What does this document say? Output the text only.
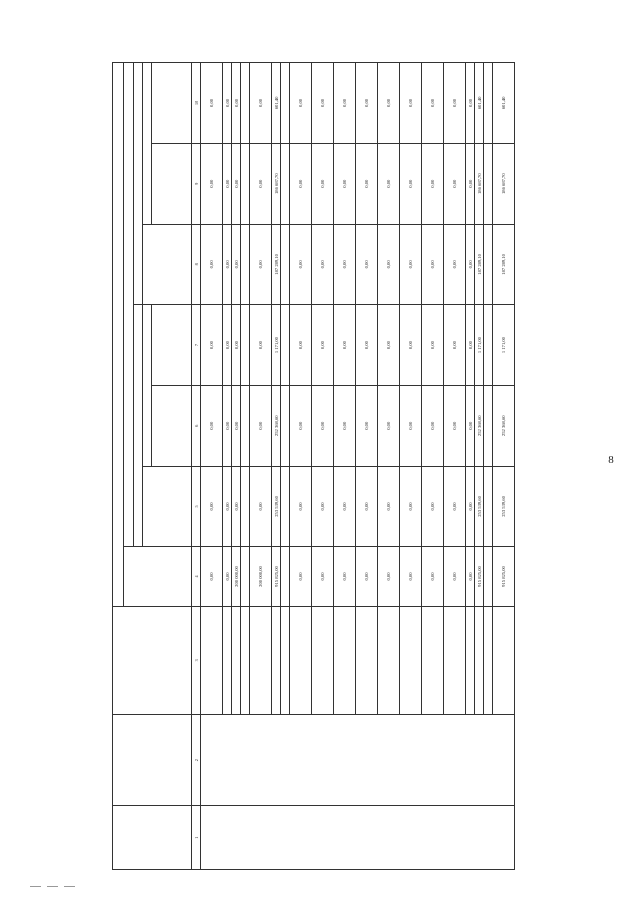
8

1	2	3	4	5	6	7	8	9	10
			0,00	0,00	0,00	0,00	0,00	0,00	0,00
			0,00	0,00	0,00	0,00	0,00	0,00	0,00
			200 000,00	0,00	0,00	0,00	0,00	0,00	0,00

			200 000,00	0,00	0,00	0,00	0,00	0,00	0,00
			915 825,00	253 539,60	252 368,60	1 171,00	187 289,10	186 687,70	601,40

			0,00	0,00	0,00	0,00	0,00	0,00	0,00
			0,00	0,00	0,00	0,00	0,00	0,00	0,00
			0,00	0,00	0,00	0,00	0,00	0,00	0,00
			0,00	0,00	0,00	0,00	0,00	0,00	0,00
			0,00	0,00	0,00	0,00	0,00	0,00	0,00
			0,00	0,00	0,00	0,00	0,00	0,00	0,00
			0,00	0,00	0,00	0,00	0,00	0,00	0,00
			0,00	0,00	0,00	0,00	0,00	0,00	0,00
			0,00	0,00	0,00	0,00	0,00	0,00	0,00
			915 825,00	253 539,60	252 368,60	1 171,00	187 289,10	186 687,70	601,40

			915 825,00	253 539,60	252 368,60	1 171,00	187 289,10	186 687,70	601,40
